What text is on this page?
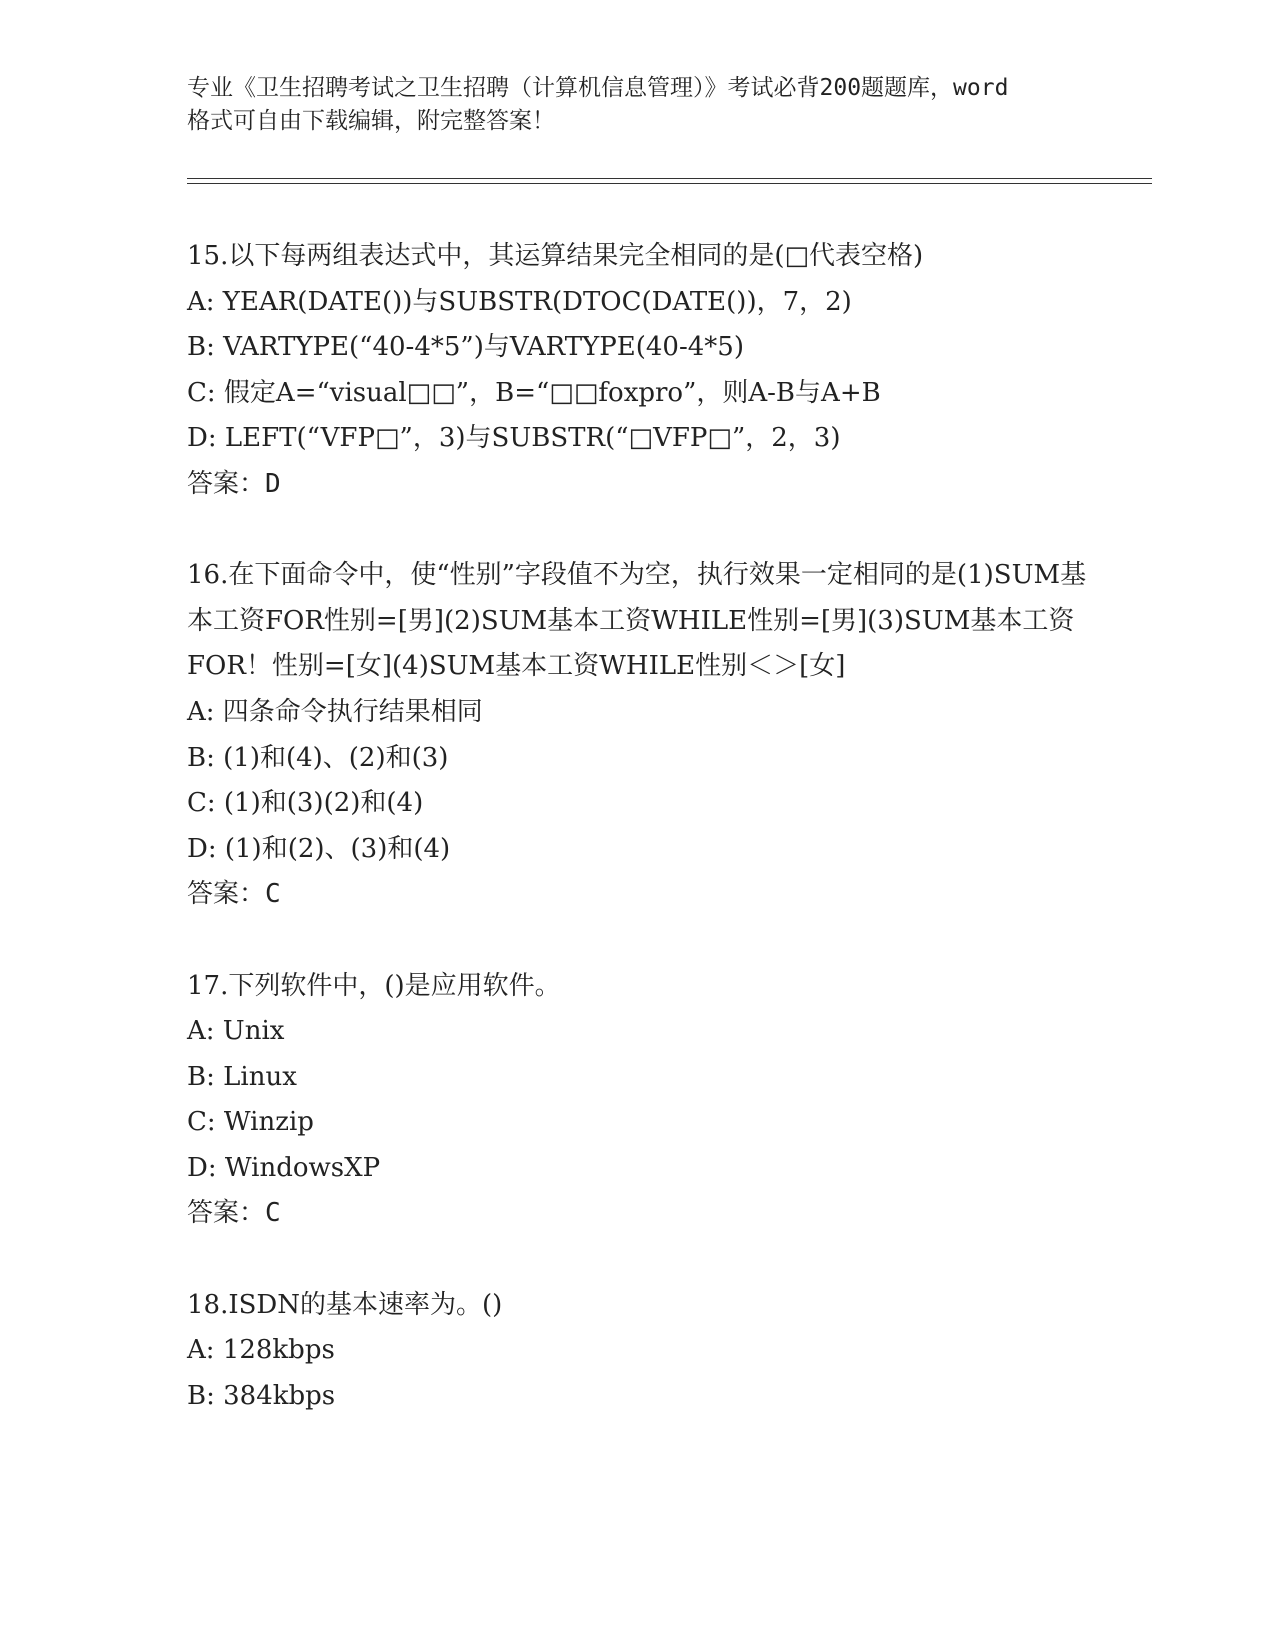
专业《卫生招聘考试之卫生招聘（计算机信息管理）》考试必背200题题库，word
格式可自由下载编辑，附完整答案！
15.以下每两组表达式中，其运算结果完全相同的是(□代表空格)
A: YEAR(DATE())与SUBSTR(DTOC(DATE())，7，2)
B: VARTYPE(“40-4*5”)与VARTYPE(40-4*5)
C: 假定A=“visual□□”，B=“□□foxpro”，则A-B与A+B
D: LEFT(“VFP□”，3)与SUBSTR(“□VFP□”，2，3)
答案：D
16.在下面命令中，使“性别”字段值不为空，执行效果一定相同的是(1)SUM基本工资FOR性别=[男](2)SUM基本工资WHILE性别=[男](3)SUM基本工资FOR！性别=[女](4)SUM基本工资WHILE性别＜＞[女]
A: 四条命令执行结果相同
B: (1)和(4)、(2)和(3)
C: (1)和(3)(2)和(4)
D: (1)和(2)、(3)和(4)
答案：C
17.下列软件中，()是应用软件。
A: Unix
B: Linux
C: Winzip
D: WindowsXP
答案：C
18.ISDN的基本速率为。()
A: 128kbps
B: 384kbps
